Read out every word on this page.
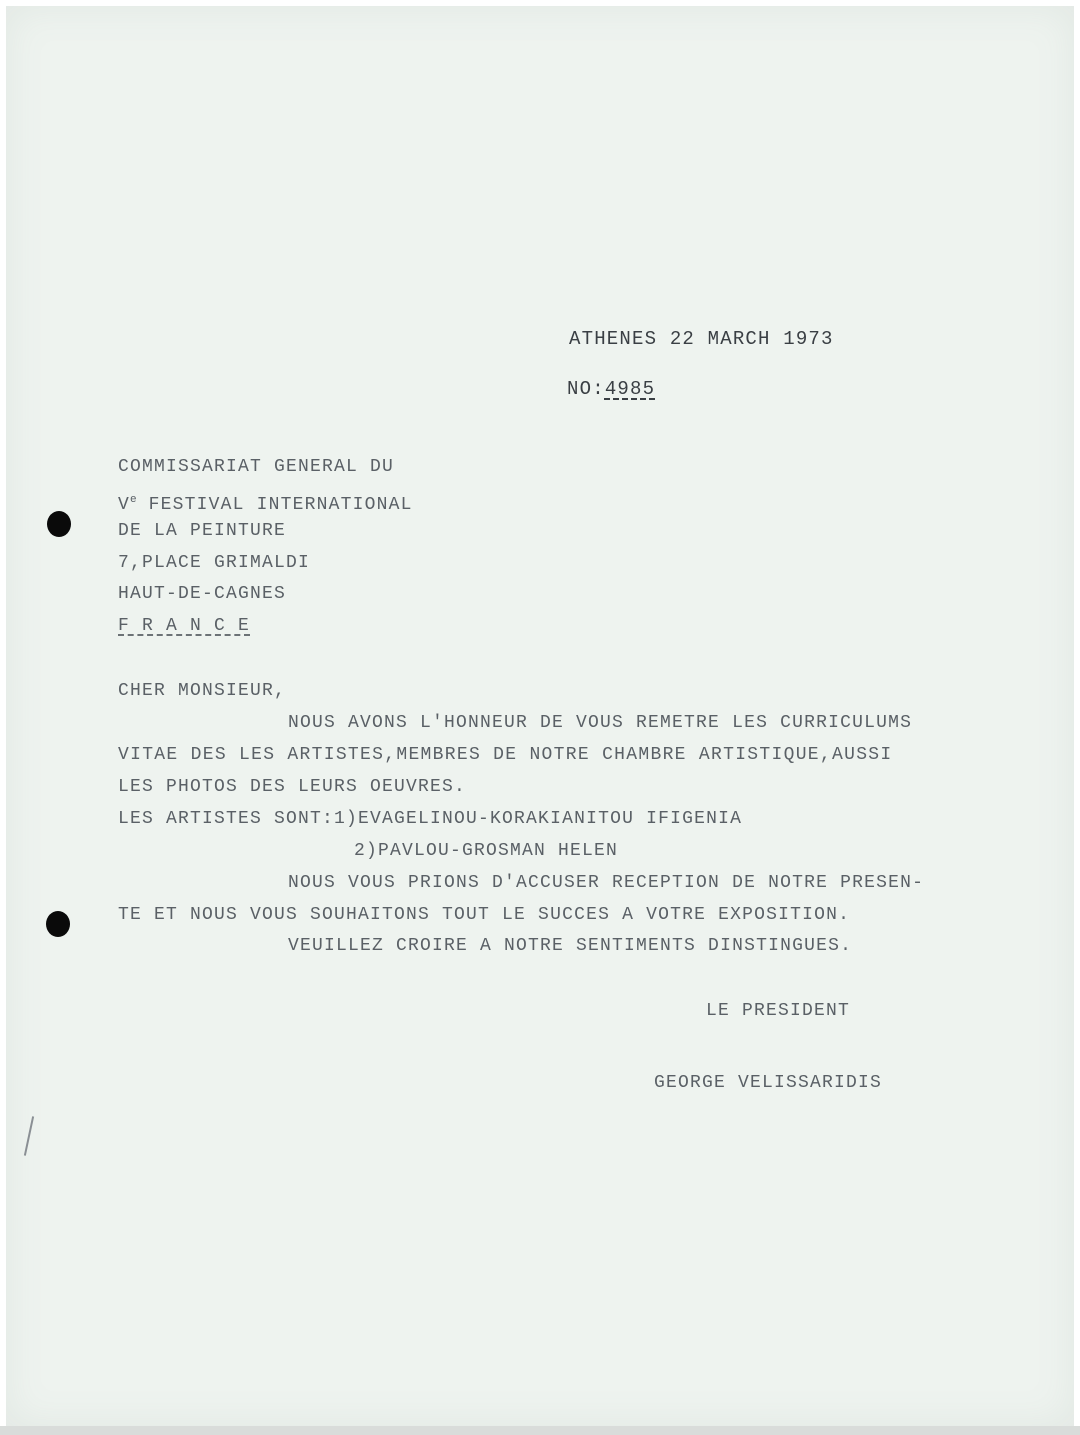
ATHENES 22 MARCH 1973
NO:4985
COMMISSARIAT GENERAL DU
Ve FESTIVAL INTERNATIONAL
DE LA PEINTURE
7,PLACE GRIMALDI
HAUT-DE-CAGNES
F R A N C E
CHER MONSIEUR,
NOUS AVONS L'HONNEUR DE VOUS REMETRE LES CURRICULUMS
VITAE DES LES ARTISTES,MEMBRES DE NOTRE CHAMBRE ARTISTIQUE,AUSSI
LES PHOTOS DES LEURS OEUVRES.
LES ARTISTES SONT:1)EVAGELINOU-KORAKIANITOU IFIGENIA
2)PAVLOU-GROSMAN HELEN
NOUS VOUS PRIONS D'ACCUSER RECEPTION DE NOTRE PRESEN-
TE ET NOUS VOUS SOUHAITONS TOUT LE SUCCES A VOTRE EXPOSITION.
VEUILLEZ CROIRE A NOTRE SENTIMENTS DINSTINGUES.
LE PRESIDENT
GEORGE VELISSARIDIS
